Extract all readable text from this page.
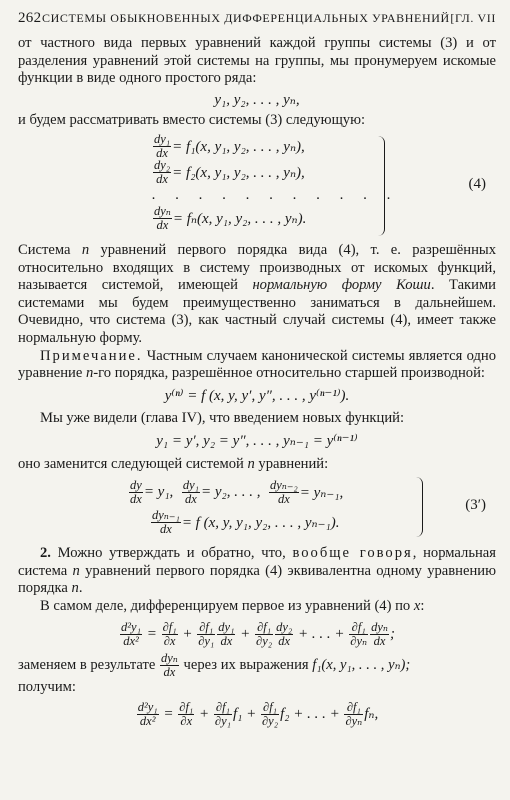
262 СИСТЕМЫ ОБЫКНОВЕННЫХ ДИФФЕРЕНЦИАЛЬНЫХ УРАВНЕНИЙ [ГЛ. VII

от частного вида первых уравнений каждой группы системы (3) и от разделения уравнений этой системы на группы, мы пронумеруем искомые функции в виде одного простого ряда:

y₁, y₂, . . . , yₙ,

и будем рассматривать вместо системы (3) следующую:

$\frac{\text{dy₁}}{dx} = f_1(x$, y₁, y₂, . . . , yₙ),
$\frac{\text{dy₂}}{dx} = f_2(x$, y₁, y₂, . . . , yₙ),
. . . . . . . . . . .
$\frac{\text{dyₙ}}{dx} = f_n(x$, y₁, y₂, . . . , yₙ).
(4)

Система n уравнений первого порядка вида (4), т. е. разрешённых относительно входящих в систему производных от искомых функций, называется системой, имеющей нормальную форму Коши. Такими системами мы будем преимущественно заниматься в дальнейшем. Очевидно, что система (3), как частный случай системы (4), имеет также нормальную форму.

Примечание. Частным случаем канонической системы является одно уравнение n-го порядка, разрешённое относительно старшей производной:

y⁽ⁿ⁾ = f (x, y, y′, y″, . . . , y⁽ⁿ⁻¹⁾).

Мы уже видели (глава IV), что введением новых функций:

y₁ = y′, y₂ = y″, . . . , yₙ₋₁ = y⁽ⁿ⁻¹⁾

оно заменится следующей системой n уравнений:

$\frac{dy}{dx} = y_1$,
$\frac{\text{dy₁}}{dx} = y_2$, . . . ,
$\frac{\text{dyₙ₋₂}}{dx} = y_{n-1}$,
$\frac{\text{dyₙ₋₁}}{dx} = f$ (x, y, y₁, y₂, . . . , yₙ₋₁).
(3′)

2. Можно утверждать и обратно, что, вообще говоря, нормальная система n уравнений первого порядка (4) эквивалентна одному уравнению порядка n.

В самом деле, дифференцируем первое из уравнений (4) по x:

$\frac{\text{d²y₁}}{\text{dx²}} = \frac{\text{∂f₁}}{\partial x} + \frac{\text{∂f₁}}{\text{∂y₁}} \frac{\text{dy₁}}{dx} + \frac{\text{∂f₁}}{\text{∂y₂}} \frac{\text{dy₂}}{dx}$ + . . . + $\frac{\text{∂f₁}}{\text{∂yₙ}} \frac{\text{dyₙ}}{dx}$ ;

заменяем в результате $\frac{\text{dyₙ}}{dx}$ через их выражения f₁(x, y₁, . . . , yₙ);

получим:

$\frac{\text{d²y₁}}{\text{dx²}} = \frac{\text{∂f₁}}{\partial x} + \frac{\text{∂f₁}}{\text{∂y₁}} f_1 + \frac{\text{∂f₁}}{\text{∂y₂}} f_2$ + . . . + $\frac{\text{∂f₁}}{\text{∂yₙ}} f_n$,
